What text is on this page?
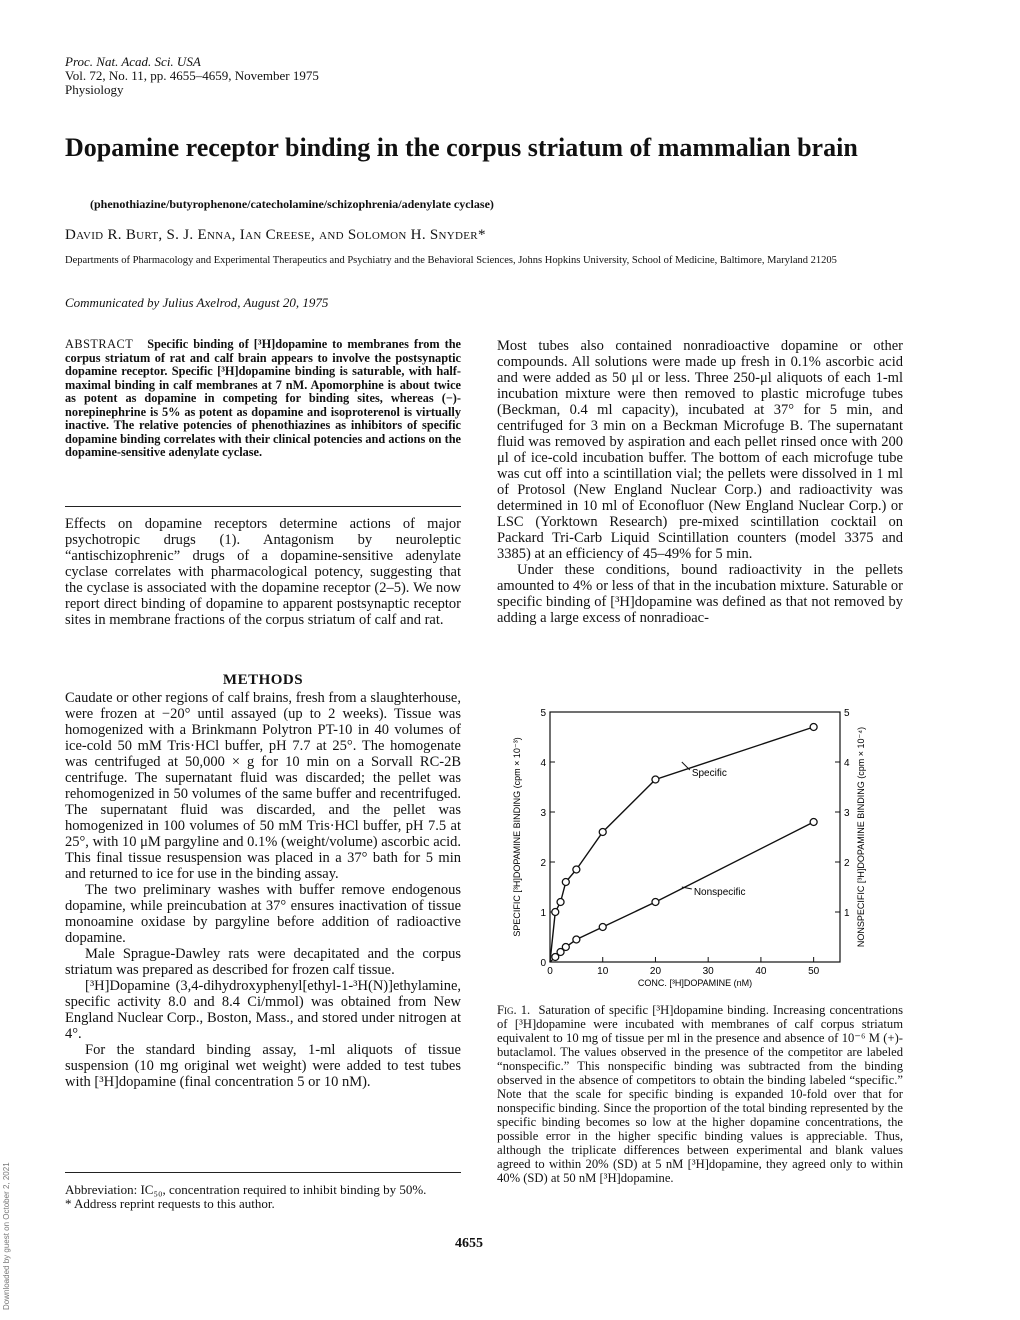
Proc. Nat. Acad. Sci. USA
Vol. 72, No. 11, pp. 4655–4659, November 1975
Physiology
Dopamine receptor binding in the corpus striatum of mammalian brain
(phenothiazine/butyrophenone/catecholamine/schizophrenia/adenylate cyclase)
David R. Burt, S. J. Enna, Ian Creese, and Solomon H. Snyder*
Departments of Pharmacology and Experimental Therapeutics and Psychiatry and the Behavioral Sciences, Johns Hopkins University, School of Medicine, Baltimore, Maryland 21205
Communicated by Julius Axelrod, August 20, 1975
ABSTRACT Specific binding of [³H]dopamine to membranes from the corpus striatum of rat and calf brain appears to involve the postsynaptic dopamine receptor. Specific [³H]dopamine binding is saturable, with half-maximal binding in calf membranes at 7 nM. Apomorphine is about twice as potent as dopamine in competing for binding sites, whereas (−)-norepinephrine is 5% as potent as dopamine and isoproterenol is virtually inactive. The relative potencies of phenothiazines as inhibitors of specific dopamine binding correlates with their clinical potencies and actions on the dopamine-sensitive adenylate cyclase.

Effects on dopamine receptors determine actions of major psychotropic drugs (1). Antagonism by neuroleptic “antischizophrenic” drugs of a dopamine-sensitive adenylate cyclase correlates with pharmacological potency, suggesting that the cyclase is associated with the dopamine receptor (2–5). We now report direct binding of dopamine to apparent postsynaptic receptor sites in membrane fractions of the corpus striatum of calf and rat.

METHODS

Caudate or other regions of calf brains, fresh from a slaughterhouse, were frozen at −20° until assayed (up to 2 weeks). Tissue was homogenized with a Brinkmann Polytron PT-10 in 40 volumes of ice-cold 50 mM Tris·HCl buffer, pH 7.7 at 25°. The homogenate was centrifuged at 50,000 × g for 10 min on a Sorvall RC-2B centrifuge. The supernatant fluid was discarded; the pellet was rehomogenized in 50 volumes of the same buffer and recentrifuged. The supernatant fluid was discarded, and the pellet was homogenized in 100 volumes of 50 mM Tris·HCl buffer, pH 7.5 at 25°, with 10 μM pargyline and 0.1% (weight/volume) ascorbic acid. This final tissue resuspension was placed in a 37° bath for 5 min and returned to ice for use in the binding assay.

The two preliminary washes with buffer remove endogenous dopamine, while preincubation at 37° ensures inactivation of tissue monoamine oxidase by pargyline before addition of radioactive dopamine.

Male Sprague-Dawley rats were decapitated and the corpus striatum was prepared as described for frozen calf tissue.

[³H]Dopamine (3,4-dihydroxyphenyl[ethyl-1-³H(N)]ethylamine, specific activity 8.0 and 8.4 Ci/mmol) was obtained from New England Nuclear Corp., Boston, Mass., and stored under nitrogen at 4°.

For the standard binding assay, 1-ml aliquots of tissue suspension (10 mg original wet weight) were added to test tubes with [³H]dopamine (final concentration 5 or 10 nM).

Abbreviation: IC₅₀, concentration required to inhibit binding by 50%.
* Address reprint requests to this author.

Most tubes also contained nonradioactive dopamine or other compounds. All solutions were made up fresh in 0.1% ascorbic acid and were added as 50 μl or less. Three 250-μl aliquots of each 1-ml incubation mixture were then removed to plastic microfuge tubes (Beckman, 0.4 ml capacity), incubated at 37° for 5 min, and centrifuged for 3 min on a Beckman Microfuge B. The supernatant fluid was removed by aspiration and each pellet rinsed once with 200 μl of ice-cold incubation buffer. The bottom of each microfuge tube was cut off into a scintillation vial; the pellets were dissolved in 1 ml of Protosol (New England Nuclear Corp.) and radioactivity was determined in 10 ml of Econofluor (New England Nuclear Corp.) or LSC (Yorktown Research) pre-mixed scintillation cocktail on Packard Tri-Carb Liquid Scintillation counters (model 3375 and 3385) at an efficiency of 45–49% for 5 min.

Under these conditions, bound radioactivity in the pellets amounted to 4% or less of that in the incubation mixture. Saturable or specific binding of [³H]dopamine was defined as that not removed by adding a large excess of nonradioac-

0	10	20	30	40	50
0
1
2
3
4
5
1
2
3
4
5
CONC. [³H]DOPAMINE (nM)
SPECIFIC [³H]DOPAMINE BINDING (cpm × 10⁻³)	NONSPECIFIC [³H]DOPAMINE BINDING (cpm × 10⁻⁴)
Specific
Nonspecific
Fig. 1. Saturation of specific [³H]dopamine binding. Increasing concentrations of [³H]dopamine were incubated with membranes of calf corpus striatum equivalent to 10 mg of tissue per ml in the presence and absence of 10⁻⁶ M (+)-butaclamol. The values observed in the presence of the competitor are labeled “nonspecific.” This nonspecific binding was subtracted from the binding observed in the absence of competitors to obtain the binding labeled “specific.” Note that the scale for specific binding is expanded 10-fold over that for nonspecific binding. Since the proportion of the total binding represented by the specific binding becomes so low at the higher dopamine concentrations, the possible error in the higher specific binding values is appreciable. Thus, although the triplicate differences between experimental and blank values agreed to within 20% (SD) at 5 nM [³H]dopamine, they agreed only to within 40% (SD) at 50 nM [³H]dopamine.
4655
Downloaded by guest on October 2, 2021
